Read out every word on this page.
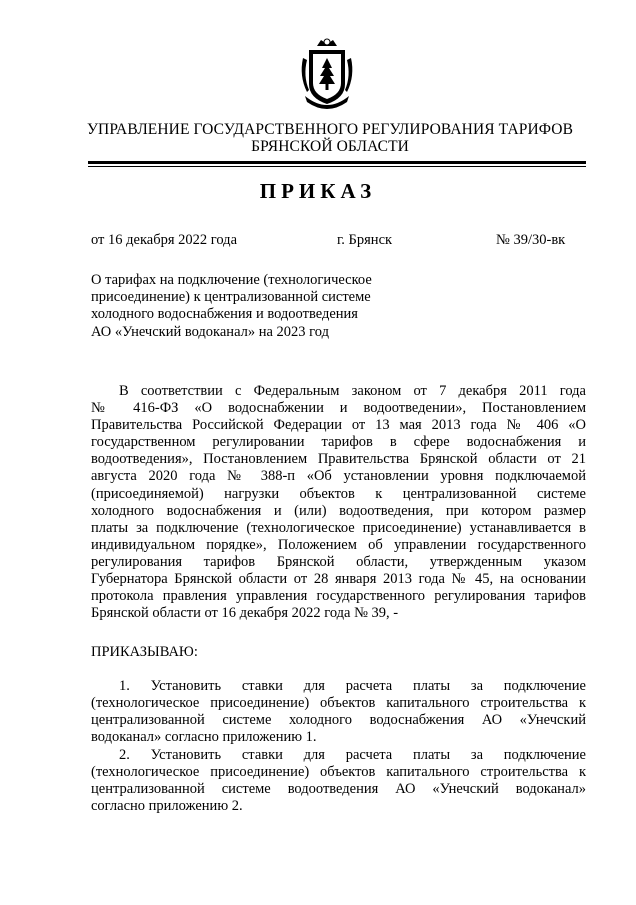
УПРАВЛЕНИЕ ГОСУДАРСТВЕННОГО РЕГУЛИРОВАНИЯ ТАРИФОВ
БРЯНСКОЙ ОБЛАСТИ
ПРИКАЗ
от 16 декабря 2022 года	г. Брянск	№ 39/30-вк
О тарифах на подключение (технологическое
присоединение) к централизованной системе
холодного водоснабжения и водоотведения
АО «Унечский водоканал» на 2023 год
В соответствии с Федеральным законом от 7 декабря 2011 года
№ 416-ФЗ «О водоснабжении и водоотведении», Постановлением
Правительства Российской Федерации от 13 мая 2013 года № 406 «О
государственном регулировании тарифов в сфере водоснабжения и
водоотведения», Постановлением Правительства Брянской области от 21
августа 2020 года № 388-п «Об установлении уровня подключаемой
(присоединяемой) нагрузки объектов к централизованной системе
холодного водоснабжения и (или) водоотведения, при котором размер
платы за подключение (технологическое присоединение) устанавливается в
индивидуальном порядке», Положением об управлении государственного
регулирования тарифов Брянской области, утвержденным указом
Губернатора Брянской области от 28 января 2013 года № 45, на основании
протокола правления управления государственного регулирования тарифов
Брянской области от 16 декабря 2022 года № 39, -
ПРИКАЗЫВАЮ:
1. Установить ставки для расчета платы за подключение
(технологическое присоединение) объектов капитального строительства к
централизованной системе холодного водоснабжения АО «Унечский
водоканал» согласно приложению 1.
2. Установить ставки для расчета платы за подключение
(технологическое присоединение) объектов капитального строительства к
централизованной системе водоотведения АО «Унечский водоканал»
согласно приложению 2.
